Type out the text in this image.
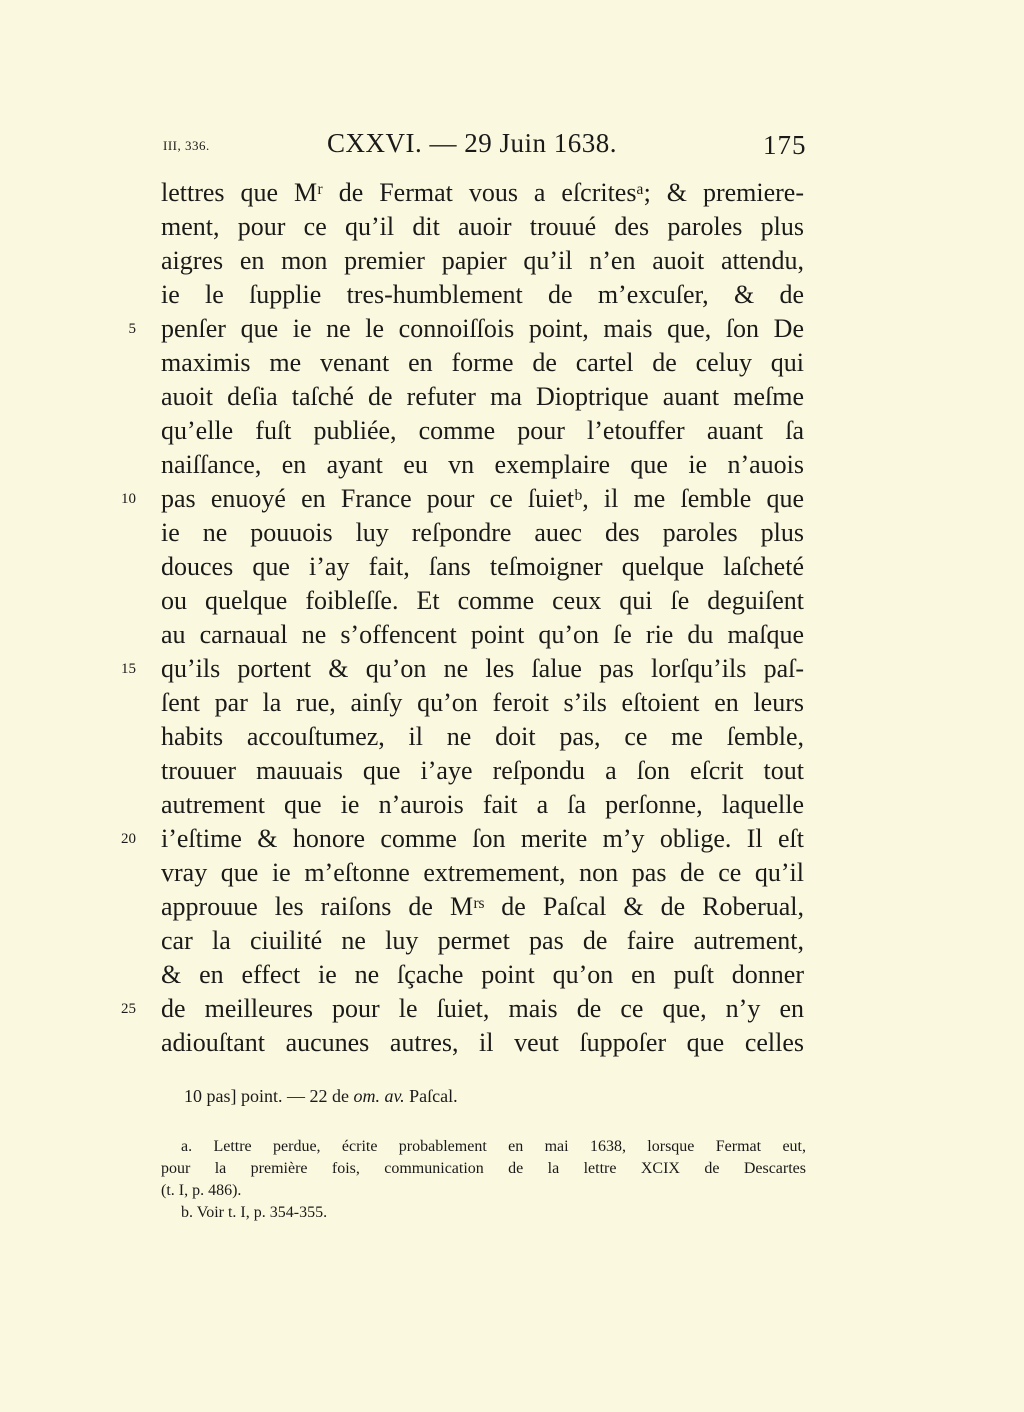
III, 336.	CXXVI. — 29 Juin 1638.	175
lettres que Mʳ de Fermat vous a eſcritesᵃ; & premiere-
ment, pour ce qu’il dit auoir trouué des paroles plus
aigres en mon premier papier qu’il n’en auoit attendu,
ie le ſupplie tres-humblement de m’excuſer, & de
5 penſer que ie ne le connoiſſois point, mais que, ſon De
maximis me venant en forme de cartel de celuy qui
auoit deſia taſché de refuter ma Dioptrique auant meſme
qu’elle fuſt publiée, comme pour l’etouffer auant ſa
naiſſance, en ayant eu vn exemplaire que ie n’auois
10 pas enuoyé en France pour ce ſuietᵇ, il me ſemble que
ie ne pouuois luy reſpondre auec des paroles plus
douces que i’ay fait, ſans teſmoigner quelque laſcheté
ou quelque foibleſſe. Et comme ceux qui ſe deguiſent
au carnaual ne s’offencent point qu’on ſe rie du maſque
15 qu’ils portent & qu’on ne les ſalue pas lorſqu’ils paſ-
ſent par la rue, ainſy qu’on feroit s’ils eſtoient en leurs
habits accouſtumez, il ne doit pas, ce me ſemble,
trouuer mauuais que i’aye reſpondu a ſon eſcrit tout
autrement que ie n’aurois fait a ſa perſonne, laquelle
20 i’eſtime & honore comme ſon merite m’y oblige. Il eſt
vray que ie m’eſtonne extremement, non pas de ce qu’il
approuue les raiſons de Mʳˢ de Paſcal & de Roberual,
car la ciuilité ne luy permet pas de faire autrement,
& en effect ie ne ſçache point qu’on en puſt donner
25 de meilleures pour le ſuiet, mais de ce que, n’y en
adiouſtant aucunes autres, il veut ſuppoſer que celles
10 pas] point. — 22 de om. av. Paſcal.
a. Lettre perdue, écrite probablement en mai 1638, lorsque Fermat eut,
pour la première fois, communication de la lettre XCIX de Descartes
(t. I, p. 486).
b. Voir t. I, p. 354-355.
